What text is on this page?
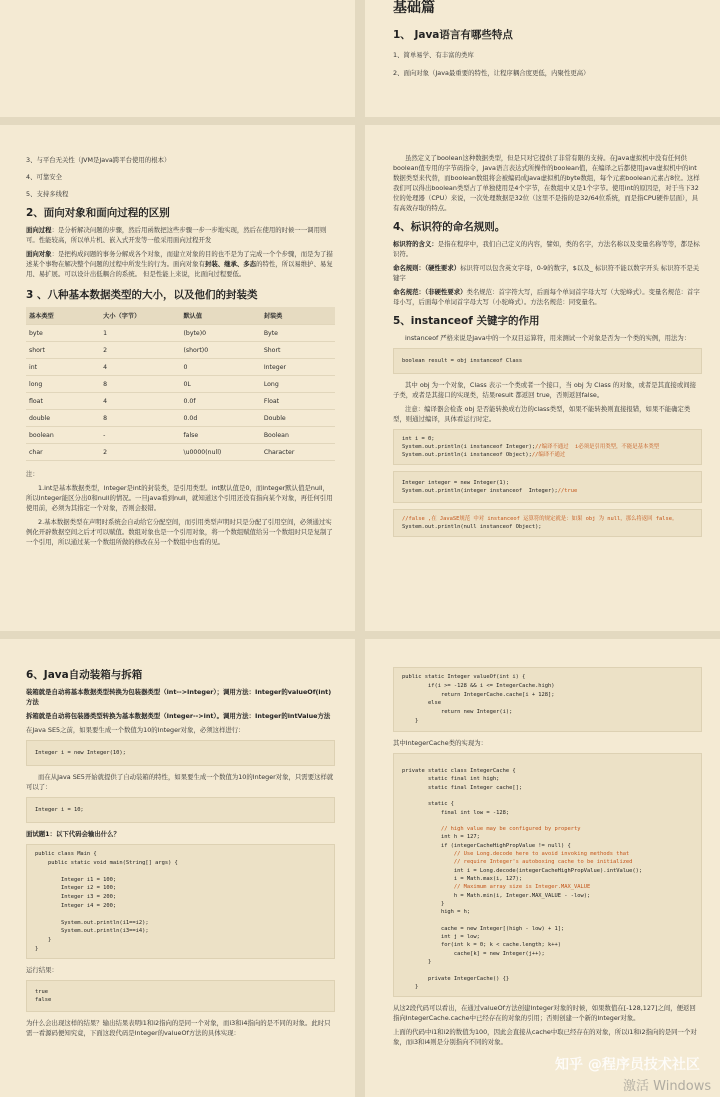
基础篇
1、 Java语言有哪些特点
1、简单易学、有丰富的类库
2、面向对象（Java最重要的特性，让程序耦合度更低，内聚性更高）
3、与平台无关性（JVM是Java跨平台使用的根本）
4、可靠安全
5、支持多线程
2、面向对象和面向过程的区别
面向过程：是分析解决问题的步骤，然后用函数把这些步骤一步一步地实现，然后在使用的时候一一调用则可。性能较高，所以单片机、嵌入式开发等一般采用面向过程开发
面向对象：是把构成问题的事务分解成各个对象，而建立对象的目的也不是为了完成一个个步骤，而是为了描述某个事物在解决整个问题的过程中所发生的行为。面向对象有封装、继承、多态的特性，所以易维护、易复用、易扩展。可以设计出低耦合的系统。 但是性能上来说，比面向过程要低。
3 、八种基本数据类型的大小，以及他们的封装类
基本类型	大小（字节）	默认值	封装类
byte	1	(byte)0	Byte
short	2	(short)0	Short
int	4	0	Integer
long	8	0L	Long
float	4	0.0f	Float
double	8	0.0d	Double
boolean	-	false	Boolean
char	2	\u0000(null)	Character
注：
1.int是基本数据类型，Integer是int的封装类，是引用类型。int默认值是0，而Integer默认值是null，所以Integer能区分出0和null的情况。一旦java看到null，就知道这个引用还没有指向某个对象，再任何引用使用前，必须为其指定一个对象，否则会报错。
2.基本数据类型在声明时系统会自动给它分配空间，而引用类型声明时只是分配了引用空间，必须通过实例化开辟数据空间之后才可以赋值。数组对象也是一个引用对象，将一个数组赋值给另一个数组时只是复制了一个引用，所以通过某一个数组所做的修改在另一个数组中也看的见。
虽然定义了boolean这种数据类型，但是只对它提供了非常有限的支持。在Java虚拟机中没有任何供boolean值专用的字节码指令，Java语言表达式所操作的boolean值，在编译之后都使用Java虚拟机中的int数据类型来代替，而boolean数组将会被编码成Java虚拟机的byte数组，每个元素boolean元素占8位。这样我们可以得出boolean类型占了单独使用是4个字节，在数组中又是1个字节。使用int的原因是，对于当下32位的处理器（CPU）来说，一次处理数据是32位（这里不是指的是32/64位系统，而是指CPU硬件层面），具有高效存取的特点。
4、标识符的命名规则。
标识符的含义：是指在程序中，我们自己定义的内容，譬如，类的名字，方法名称以及变量名称等等，都是标识符。
命名规则：（硬性要求）标识符可以包含英文字母，0-9的数字，$以及_ 标识符不能以数字开头 标识符不是关键字
命名规范：（非硬性要求）类名规范：首字符大写，后面每个单词首字母大写（大驼峰式）。变量名规范：首字母小写，后面每个单词首字母大写（小驼峰式）。方法名规范：同变量名。
5、instanceof 关键字的作用
instanceof 严格来说是Java中的一个双目运算符，用来测试一个对象是否为一个类的实例，用法为：
boolean result = obj instanceof Class
其中 obj 为一个对象，Class 表示一个类或者一个接口，当 obj 为 Class 的对象，或者是其直接或间接子类，或者是其接口的实现类，结果result 都返回 true，否则返回false。
注意：编译器会检查 obj 是否能转换成右边的class类型，如果不能转换则直接报错，如果不能确定类型，则通过编译，具体看运行时定。
int i = 0;
System.out.println(i instanceof Integer);//编译不通过  i必须是引用类型，不能是基本类型
System.out.println(i instanceof Object);//编译不通过
Integer integer = new Integer(1);
System.out.println(integer instanceof  Integer);//true
//false ,在 JavaSE规范 中对 instanceof 运算符的规定就是：如果 obj 为 null，那么将返回 false。
System.out.println(null instanceof Object);
6、Java自动装箱与拆箱
装箱就是自动将基本数据类型转换为包装器类型（int-->Integer）；调用方法：Integer的valueOf(int) 方法
拆箱就是自动将包装器类型转换为基本数据类型（Integer-->int）。调用方法：Integer的intValue方法
在Java SE5之前，如果要生成一个数值为10的Integer对象，必须这样进行：
Integer i = new Integer(10);
而在从Java SE5开始就提供了自动装箱的特性，如果要生成一个数值为10的Integer对象，只需要这样就可以了：
Integer i = 10;
面试题1：以下代码会输出什么？
public class Main {
public static void main(String[] args) {

Integer i1 = 100;
Integer i2 = 100;
Integer i3 = 200;
Integer i4 = 200;

System.out.println(i1==i2);
System.out.println(i3==i4);
}
}
运行结果：
true
false
为什么会出现这样的结果？输出结果表明i1和i2指向的是同一个对象，而i3和i4指向的是不同的对象。此时只需一看源码便知究竟，下面这段代码是Integer的valueOf方法的具体实现：
public static Integer valueOf(int i) {
if(i >= -128 && i <= IntegerCache.high)
return IntegerCache.cache[i + 128];
else
return new Integer(i);
}
其中IntegerCache类的实现为：

private static class IntegerCache {
static final int high;
static final Integer cache[];

static {
final int low = -128;

// high value may be configured by property
int h = 127;
if (integerCacheHighPropValue != null) {
// Use Long.decode here to avoid invoking methods that
// require Integer's autoboxing cache to be initialized
int i = Long.decode(integerCacheHighPropValue).intValue();
i = Math.max(i, 127);
// Maximum array size is Integer.MAX_VALUE
h = Math.min(i, Integer.MAX_VALUE - -low);
}
high = h;

cache = new Integer[(high - low) + 1];
int j = low;
for(int k = 0; k < cache.length; k++)
cache[k] = new Integer(j++);
}

private IntegerCache() {}
}
从这2段代码可以看出，在通过valueOf方法创建Integer对象的时候，如果数值在[-128,127]之间，便返回指向IntegerCache.cache中已经存在的对象的引用；否则创建一个新的Integer对象。
上面的代码中i1和i2的数值为100，因此会直接从cache中取已经存在的对象，所以i1和i2指向的是同一个对象，而i3和i4则是分别指向不同的对象。
知乎 @程序员技术社区
激活 Windows
